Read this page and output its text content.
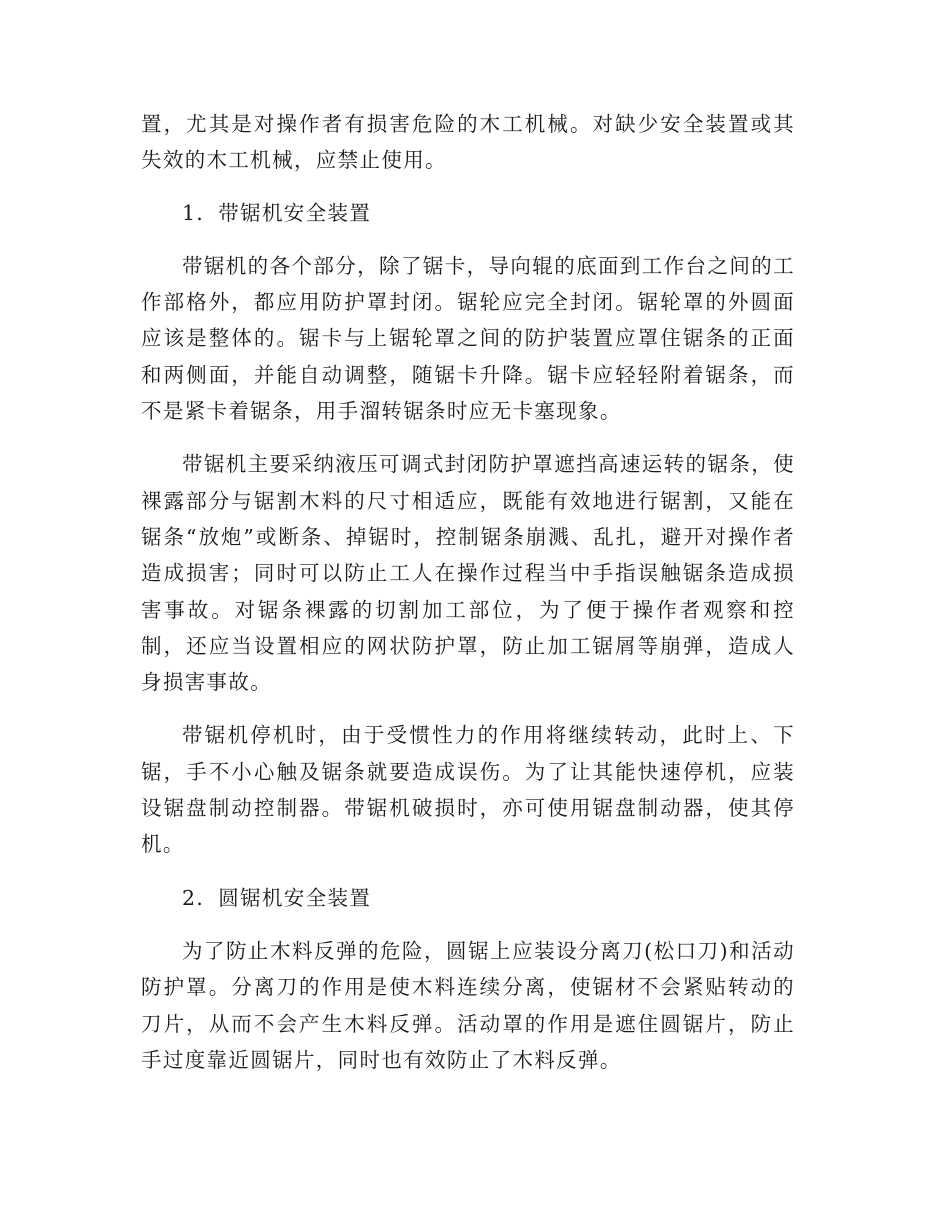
置，尤其是对操作者有损害危险的木工机械。对缺少安全装置或其失效的木工机械，应禁止使用。

1．带锯机安全装置

带锯机的各个部分，除了锯卡，导向辊的底面到工作台之间的工作部格外，都应用防护罩封闭。锯轮应完全封闭。锯轮罩的外圆面应该是整体的。锯卡与上锯轮罩之间的防护装置应罩住锯条的正面和两侧面，并能自动调整，随锯卡升降。锯卡应轻轻附着锯条，而不是紧卡着锯条，用手溜转锯条时应无卡塞现象。

带锯机主要采纳液压可调式封闭防护罩遮挡高速运转的锯条，使裸露部分与锯割木料的尺寸相适应，既能有效地进行锯割，又能在锯条“放炮”或断条、掉锯时，控制锯条崩溅、乱扎，避开对操作者造成损害；同时可以防止工人在操作过程当中手指误触锯条造成损害事故。对锯条裸露的切割加工部位，为了便于操作者观察和控制，还应当设置相应的网状防护罩，防止加工锯屑等崩弹，造成人身损害事故。

带锯机停机时，由于受惯性力的作用将继续转动，此时上、下锯，手不小心触及锯条就要造成误伤。为了让其能快速停机，应装设锯盘制动控制器。带锯机破损时，亦可使用锯盘制动器，使其停机。

2．圆锯机安全装置

为了防止木料反弹的危险，圆锯上应装设分离刀(松口刀)和活动防护罩。分离刀的作用是使木料连续分离，使锯材不会紧贴转动的刀片，从而不会产生木料反弹。活动罩的作用是遮住圆锯片，防止手过度靠近圆锯片，同时也有效防止了木料反弹。
